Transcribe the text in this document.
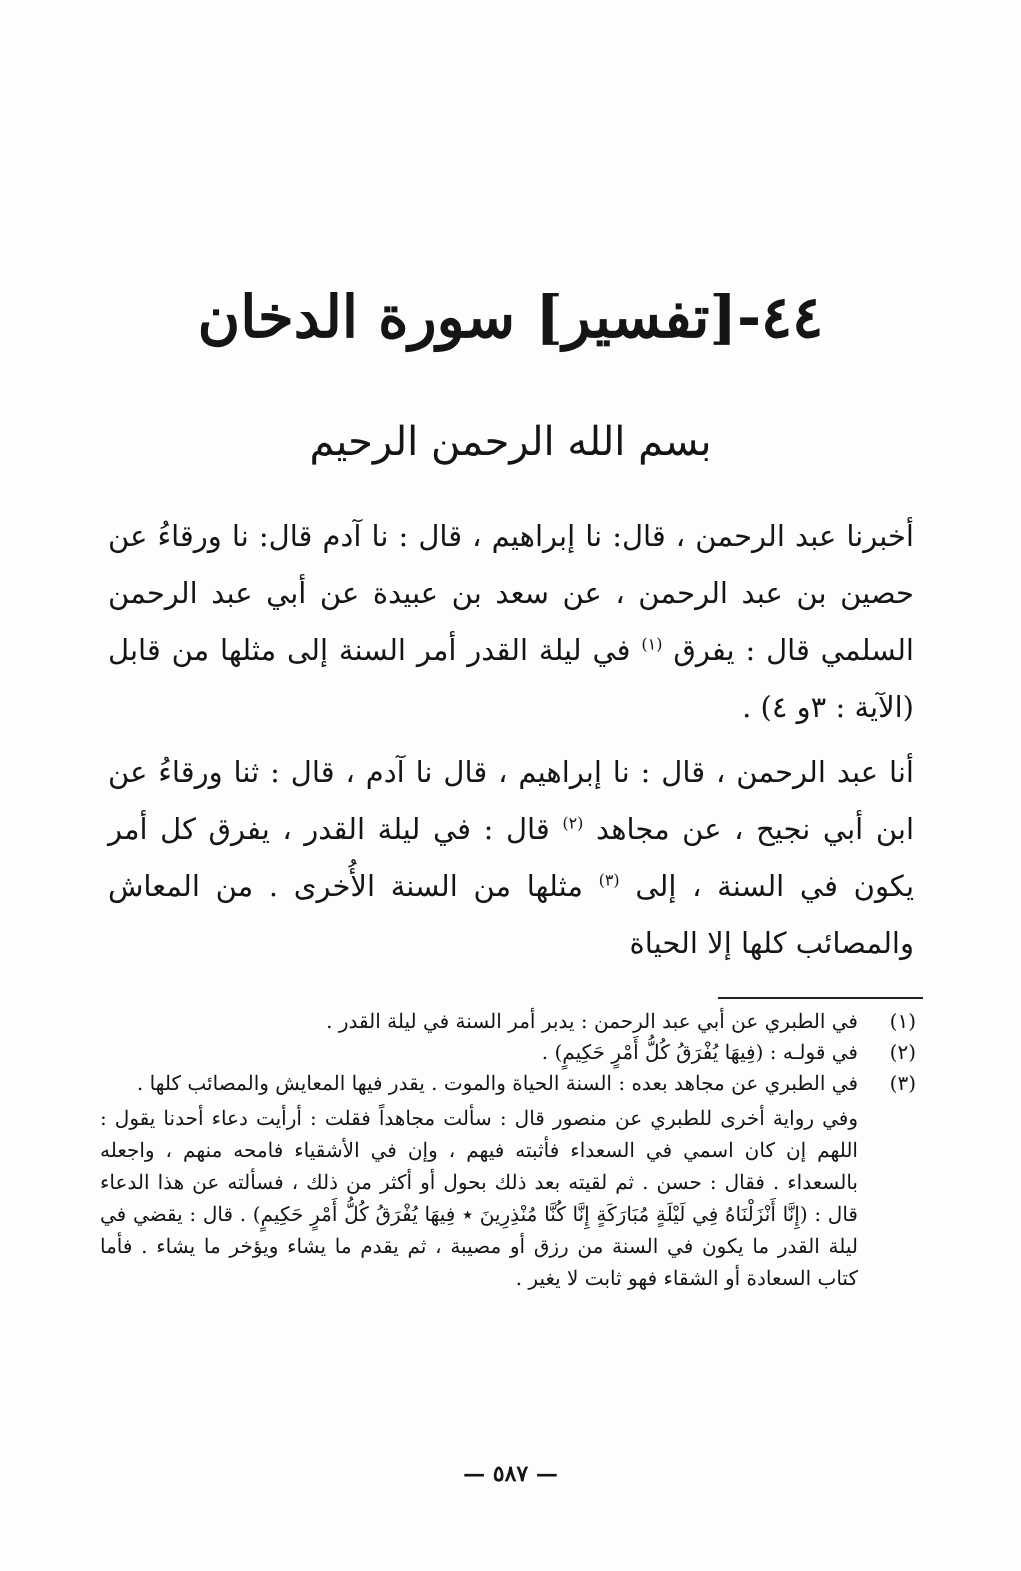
٤٤-[تفسير] سورة الدخان
بسم الله الرحمن الرحيم

أخبرنا عبد الرحمن ، قال: نا إبراهيم ، قال : نا آدم قال: نا ورقاءُ عن حصين بن عبد الرحمن ، عن سعد بن عبيدة عن أبي عبد الرحمن السلمي قال : يفرق $^{(١)}$ في ليلة القدر أمر السنة إلى مثلها من قابل (الآية : ٣و ٤) .

أنا عبد الرحمن ، قال : نا إبراهيم ، قال نا آدم ، قال : ثنا ورقاءُ عن ابن أبي نجيح ، عن مجاهد $^{(٢)}$ قال : في ليلة القدر ، يفرق كل أمر يكون في السنة ، إلى $^{(٣)}$ مثلها من السنة الأُخرى . من المعاش والمصائب كلها إلا الحياة

(١)
في الطبري عن أبي عبد الرحمن : يدبر أمر السنة في ليلة القدر .
(٢)
في قولـه : (فِيهَا يُفْرَقُ كُلُّ أَمْرٍ حَكِيمٍ) .
(٣)
في الطبري عن مجاهد بعده : السنة الحياة والموت . يقدر فيها المعايش والمصائب كلها .
وفي رواية أخرى للطبري عن منصور قال : سألت مجاهداً فقلت : أرأيت دعاء أحدنا يقول : اللهم إن كان اسمي في السعداء فأثبته فيهم ، وإن في الأشقياء فامحه منهم ، واجعله بالسعداء . فقال : حسن . ثم لقيته بعد ذلك بحول أو أكثر من ذلك ، فسألته عن هذا الدعاء قال : (إِنَّا أَنْزَلْنَاهُ فِي لَيْلَةٍ مُبَارَكَةٍ إِنَّا كُنَّا مُنْذِرِينَ ٭ فِيهَا يُفْرَقُ كُلُّ أَمْرٍ حَكِيمٍ) . قال : يقضي في ليلة القدر ما يكون في السنة من رزق أو مصيبة ، ثم يقدم ما يشاء ويؤخر ما يشاء . فأما كتاب السعادة أو الشقاء فهو ثابت لا يغير .
— ٥٨٧ —
